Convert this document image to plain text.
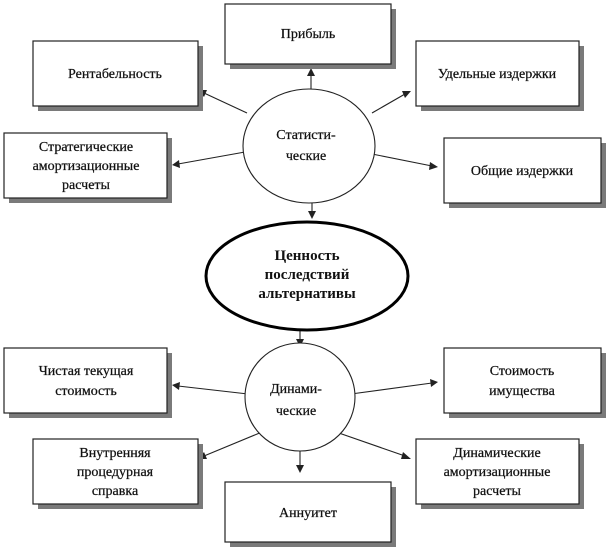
Прибыль
Рентабельность	Удельные издержки
Стратегические
амортизационные
расчеты
Общие издержки
Статисти-
ческие
Ценность
последствий
альтернативы
Динами-
ческие
Чистая текущая
стоимость
Стоимость
имущества
Внутренняя
процедурная
справка
Динамические
амортизационные
расчеты
Аннуитет
